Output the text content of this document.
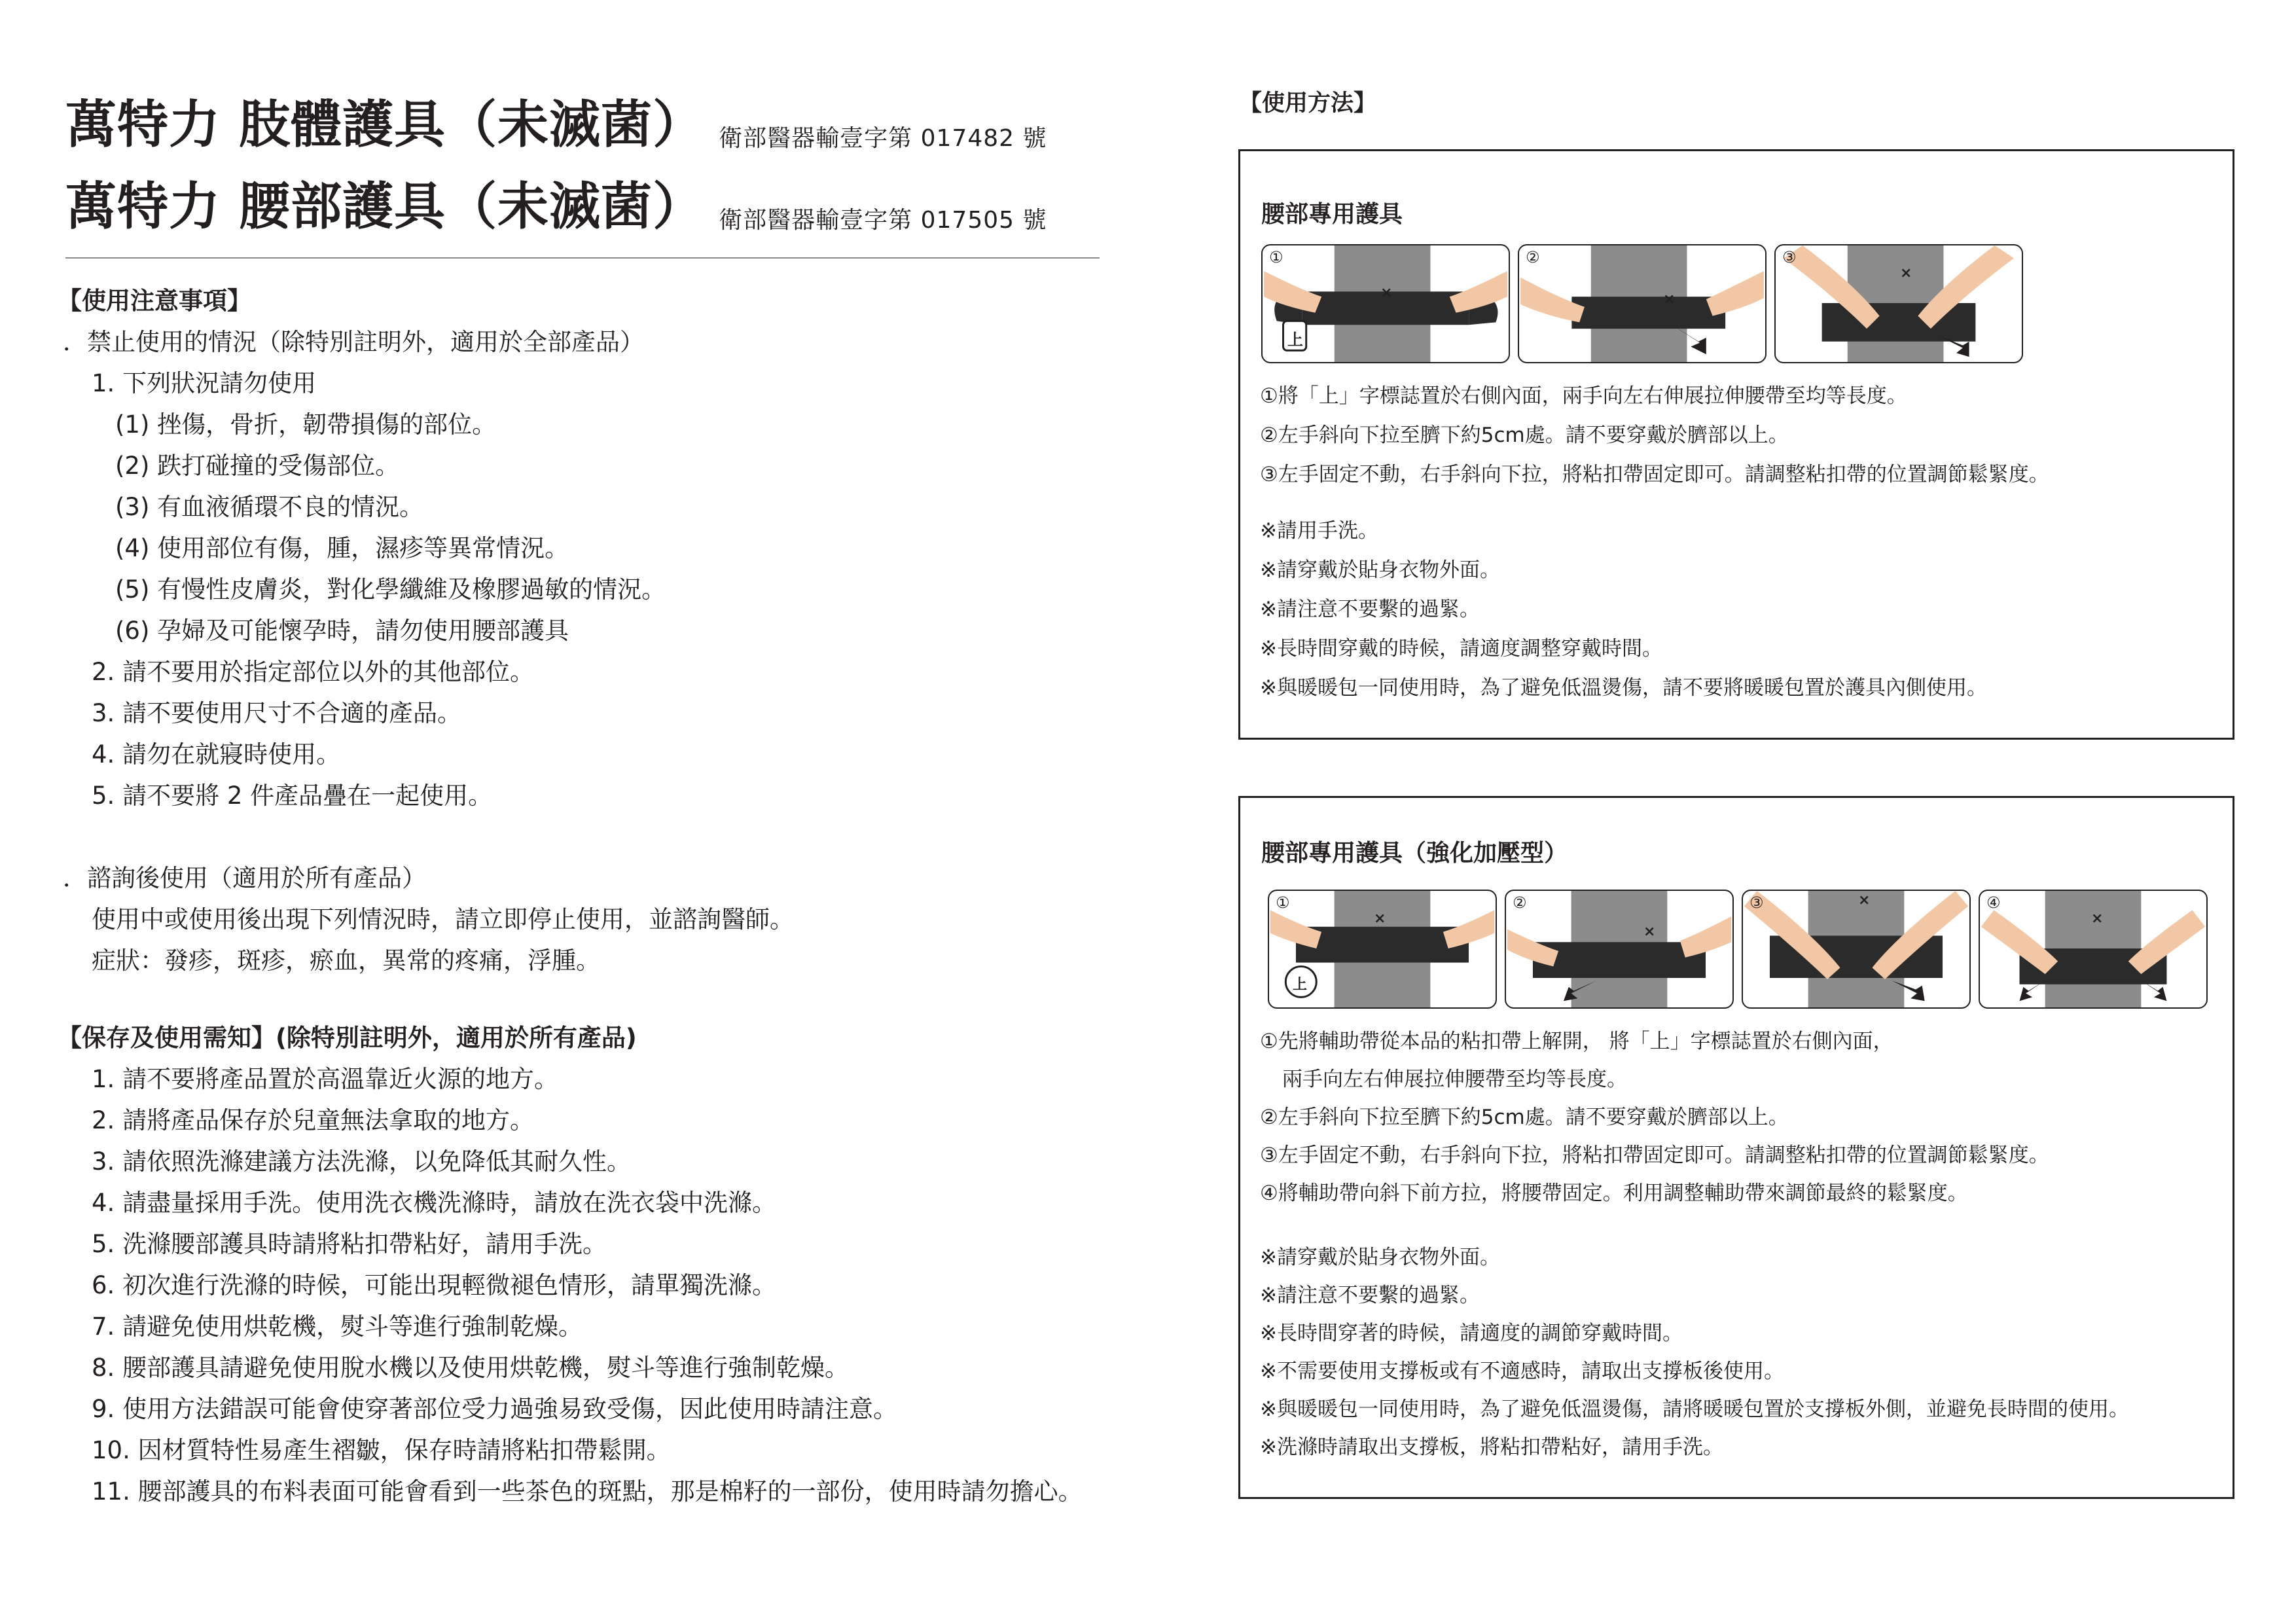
萬特力 肢體護具（未滅菌） 衛部醫器輸壹字第 017482 號
萬特力 腰部護具（未滅菌） 衛部醫器輸壹字第 017505 號
【使用注意事項】
．禁止使用的情況（除特別註明外，適用於全部產品）
1. 下列狀況請勿使用
(1) 挫傷，骨折，韌帶損傷的部位。
(2) 跌打碰撞的受傷部位。
(3) 有血液循環不良的情況。
(4) 使用部位有傷，腫，濕疹等異常情況。
(5) 有慢性皮膚炎，對化學纖維及橡膠過敏的情況。
(6) 孕婦及可能懷孕時，請勿使用腰部護具
2. 請不要用於指定部位以外的其他部位。
3. 請不要使用尺寸不合適的產品。
4. 請勿在就寢時使用。
5. 請不要將 2 件產品疊在一起使用。
．諮詢後使用（適用於所有產品）
使用中或使用後出現下列情況時，請立即停止使用，並諮詢醫師。
症狀：發疹，斑疹，瘀血，異常的疼痛，浮腫。
【保存及使用需知】(除特別註明外，適用於所有產品)
1. 請不要將產品置於高溫靠近火源的地方。
2. 請將產品保存於兒童無法拿取的地方。
3. 請依照洗滌建議方法洗滌，以免降低其耐久性。
4. 請盡量採用手洗。使用洗衣機洗滌時，請放在洗衣袋中洗滌。
5. 洗滌腰部護具時請將粘扣帶粘好，請用手洗。
6. 初次進行洗滌的時候，可能出現輕微褪色情形，請單獨洗滌。
7. 請避免使用烘乾機，熨斗等進行強制乾燥。
8. 腰部護具請避免使用脫水機以及使用烘乾機，熨斗等進行強制乾燥。
9. 使用方法錯誤可能會使穿著部位受力過強易致受傷，因此使用時請注意。
10. 因材質特性易產生褶皺，保存時請將粘扣帶鬆開。
11. 腰部護具的布料表面可能會看到一些茶色的斑點，那是棉籽的一部份，使用時請勿擔心。
【使用方法】
腰部專用護具
①
上
×
②
×
③
×
①將「上」字標誌置於右側內面，兩手向左右伸展拉伸腰帶至均等長度。
②左手斜向下拉至臍下約5cm處。請不要穿戴於臍部以上。
③左手固定不動，右手斜向下拉，將粘扣帶固定即可。請調整粘扣帶的位置調節鬆緊度。
※請用手洗。
※請穿戴於貼身衣物外面。
※請注意不要繫的過緊。
※長時間穿戴的時候，請適度調整穿戴時間。
※與暖暖包一同使用時，為了避免低溫燙傷，請不要將暖暖包置於護具內側使用。
腰部專用護具（強化加壓型）
①
上
×
②
×
③	×	④
×
①先將輔助帶從本品的粘扣帶上解開， 將「上」字標誌置於右側內面，
兩手向左右伸展拉伸腰帶至均等長度。
②左手斜向下拉至臍下約5cm處。請不要穿戴於臍部以上。
③左手固定不動，右手斜向下拉，將粘扣帶固定即可。請調整粘扣帶的位置調節鬆緊度。
④將輔助帶向斜下前方拉，將腰帶固定。利用調整輔助帶來調節最終的鬆緊度。
※請穿戴於貼身衣物外面。
※請注意不要繫的過緊。
※長時間穿著的時候，請適度的調節穿戴時間。
※不需要使用支撐板或有不適感時，請取出支撐板後使用。
※與暖暖包一同使用時，為了避免低溫燙傷，請將暖暖包置於支撐板外側，並避免長時間的使用。
※洗滌時請取出支撐板，將粘扣帶粘好，請用手洗。
